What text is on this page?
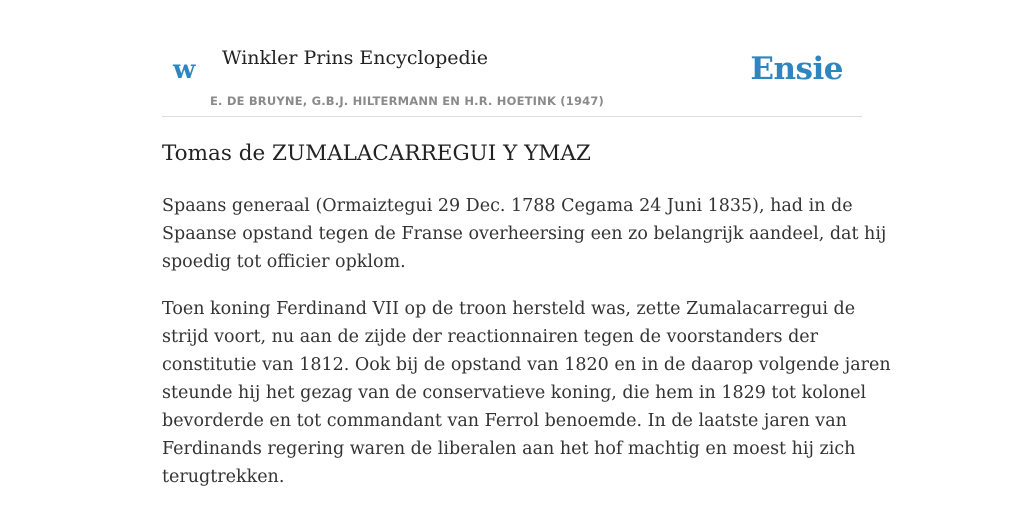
w Winkler Prins Encyclopedie
E. DE BRUYNE, G.B.J. HILTERMANN EN H.R. HOETINK (1947)
Ensie
Tomas de ZUMALACARREGUI Y YMAZ

Spaans generaal (Ormaiztegui 29 Dec. 1788 Cegama 24 Juni 1835), had in de
Spaanse opstand tegen de Franse overheersing een zo belangrijk aandeel, dat hij
spoedig tot officier opklom.

Toen koning Ferdinand VII op de troon hersteld was, zette Zumalacarregui de
strijd voort, nu aan de zijde der reactionnairen tegen de voorstanders der
constitutie van 1812. Ook bij de opstand van 1820 en in de daarop volgende jaren
steunde hij het gezag van de conservatieve koning, die hem in 1829 tot kolonel
bevorderde en tot commandant van Ferrol benoemde. In de laatste jaren van
Ferdinands regering waren de liberalen aan het hof machtig en moest hij zich
terugtrekken.
